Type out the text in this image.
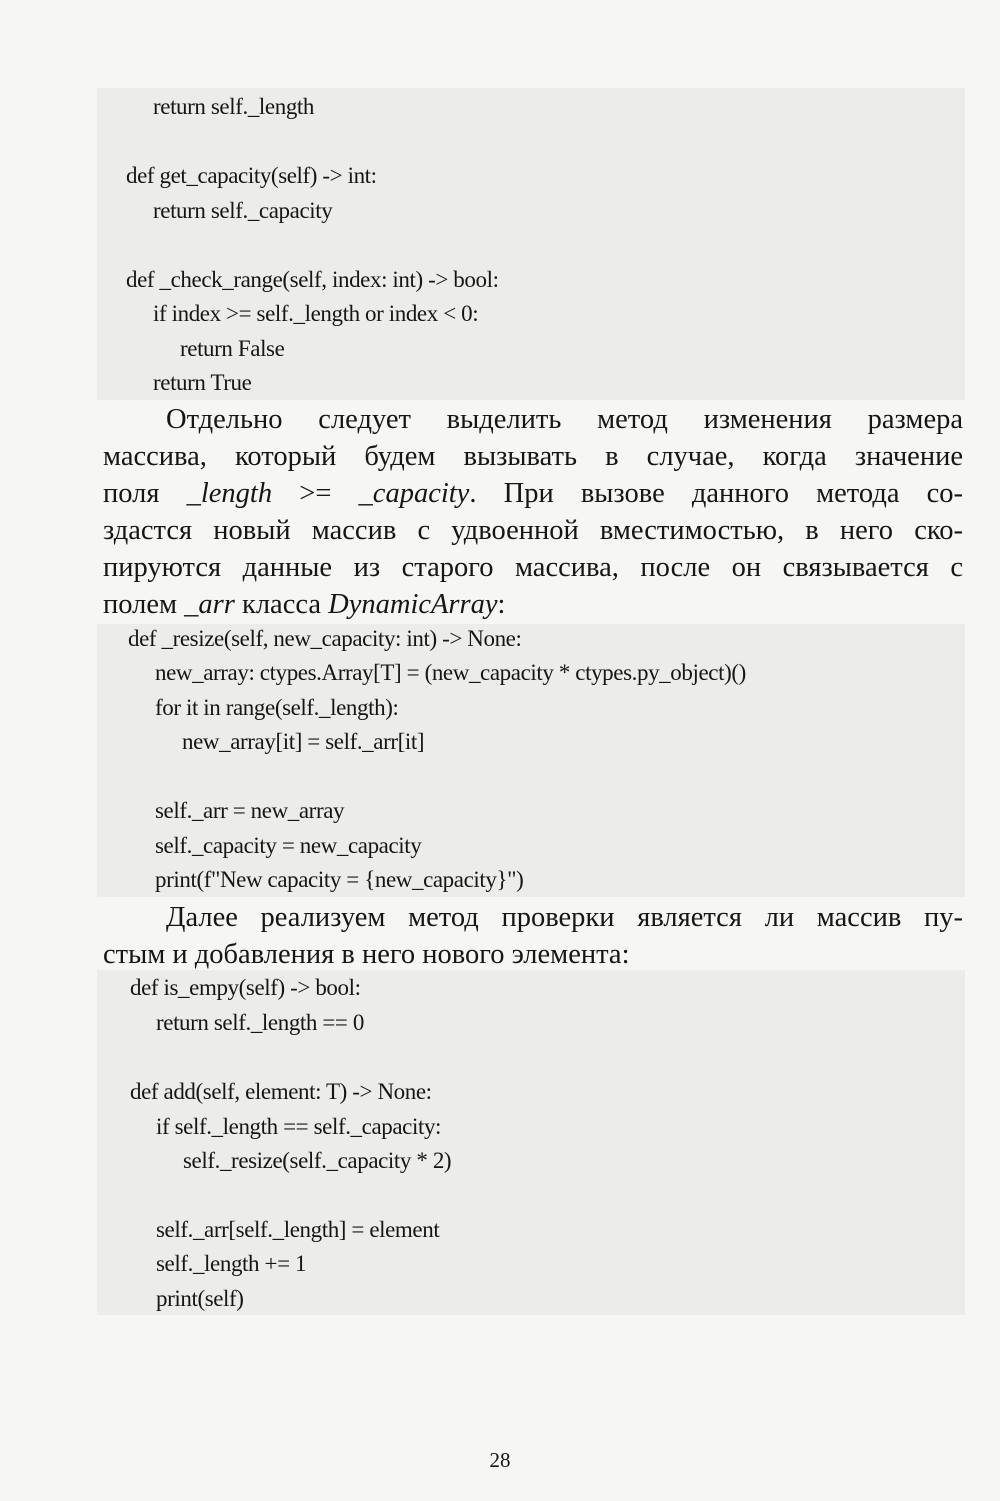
return self._length
def get_capacity(self) -> int:
return self._capacity
def _check_range(self, index: int) -> bool:
if index >= self._length or index < 0:
return False
return True
Отдельно следует выделить метод изменения размера
массива, который будем вызывать в случае, когда значение
поля _length >= _capacity. При вызове данного метода со-
здастся новый массив с удвоенной вместимостью, в него ско-
пируются данные из старого массива, после он связывается с
полем _arr класса DynamicArray:
def _resize(self, new_capacity: int) -> None:
new_array: ctypes.Array[T] = (new_capacity * ctypes.py_object)()
for it in range(self._length):
new_array[it] = self._arr[it]
self._arr = new_array
self._capacity = new_capacity
print(f"New capacity = {new_capacity}")
Далее реализуем метод проверки является ли массив пу-
стым и добавления в него нового элемента:
def is_empy(self) -> bool:
return self._length == 0
def add(self, element: T) -> None:
if self._length == self._capacity:
self._resize(self._capacity * 2)
self._arr[self._length] = element
self._length += 1
print(self)
28
